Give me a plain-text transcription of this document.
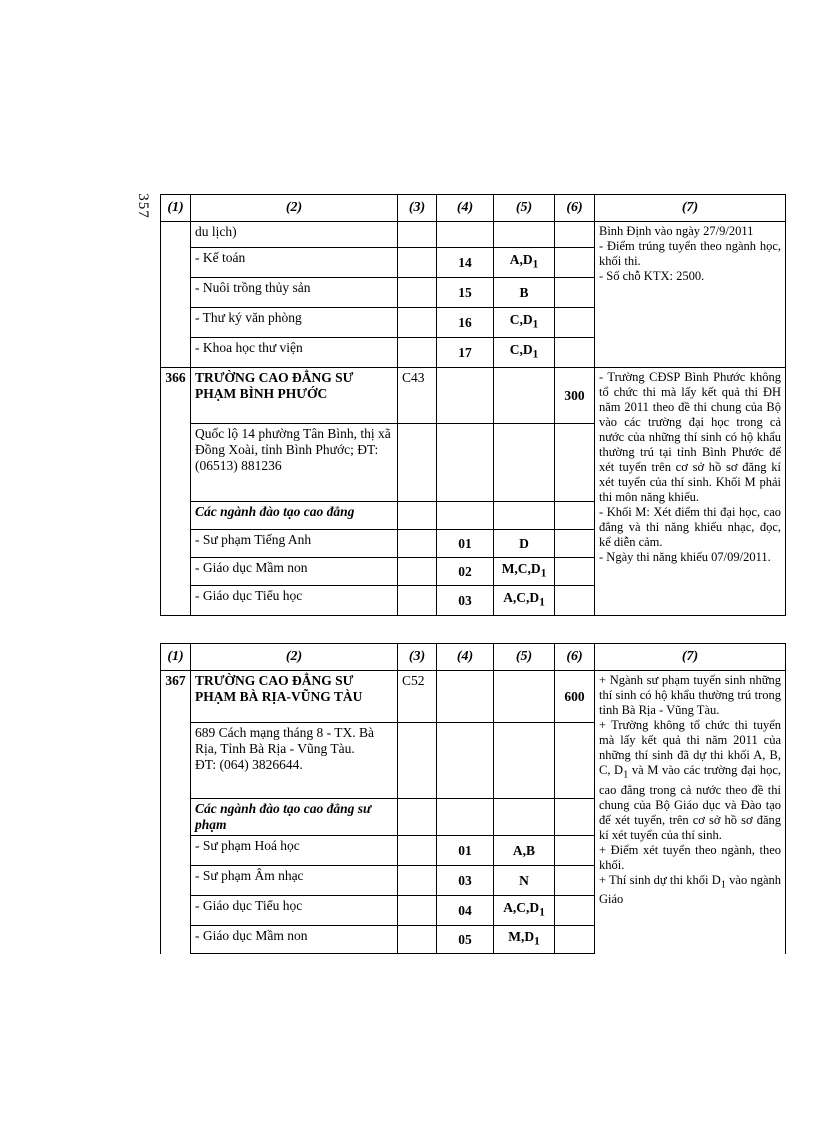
357	(1)	(2)	(3)	(4)	(5)	(6)	(7)
	du lịch)					Bình Định vào ngày 27/9/2011
- Điểm trúng tuyển theo ngành học, khối thi.
- Số chỗ KTX: 2500.

	- Kế toán		14	$A,D_1$	
	- Nuôi trồng thủy sản		15	B		
	- Thư ký văn phòng		16	$C,D_1$	
	- Khoa học thư viện		17	$C,D_1$	
366	TRƯỜNG CAO ĐẲNG SƯ PHẠM BÌNH PHƯỚC	C43			300	- Trường CĐSP Bình Phước không tổ chức thi mà lấy kết quả thi ĐH năm 2011 theo đề thi chung của Bộ vào các trường đại học trong cả nước của những thí sinh có hộ khẩu thường trú tại tỉnh Bình Phước để xét tuyển trên cơ sở hồ sơ đăng kí xét tuyển của thí sinh. Khối M phải thi môn năng khiếu.
- Khối M: Xét điểm thi đại học, cao đẳng và thi năng khiếu nhạc, đọc, kể diễn cảm.
- Ngày thi năng khiếu 07/09/2011.

	Quốc lộ 14 phường Tân Bình, thị xã Đồng Xoài, tỉnh Bình Phước; ĐT: (06513) 881236					
	Các ngành đào tạo cao đẳng					
	- Sư phạm Tiếng Anh		01	D		
	- Giáo dục Mầm non		02	$M,C,D_1$	
	- Giáo dục Tiểu học		03	$A,C,D_1$	
(1)	(2)	(3)	(4)	(5)	(6)	(7)
367	TRƯỜNG CAO ĐẲNG SƯ PHẠM BÀ RỊA-VŨNG TÀU	C52			600	+ Ngành sư phạm tuyển sinh những thí sinh có hộ khẩu thường trú trong tỉnh Bà Rịa - Vũng Tàu.
+ Trường không tổ chức thi tuyển mà lấy kết quả thi năm 2011 của những thí sinh đã dự thi khối A, B, C, $D_1$ và M vào các trường đại học, cao đẳng trong cả nước theo đề thi chung của Bộ Giáo dục và Đào tạo để xét tuyển, trên cơ sở hồ sơ đăng kí xét tuyển của thí sinh.
+ Điểm xét tuyển theo ngành, theo khối.
+ Thí sinh dự thi khối $D_1$ vào ngành Giáo

	689 Cách mạng tháng 8 - TX. Bà Rịa, Tỉnh Bà Rịa - Vũng Tàu.
ĐT: (064) 3826644.					

	Các ngành đào tạo cao đẳng sư phạm					
	- Sư phạm Hoá học		01	A,B		
	- Sư phạm Âm nhạc		03	N		
	- Giáo dục Tiểu học		04	$A,C,D_1$	
	- Giáo dục Mầm non		05	$M,D_1$	
